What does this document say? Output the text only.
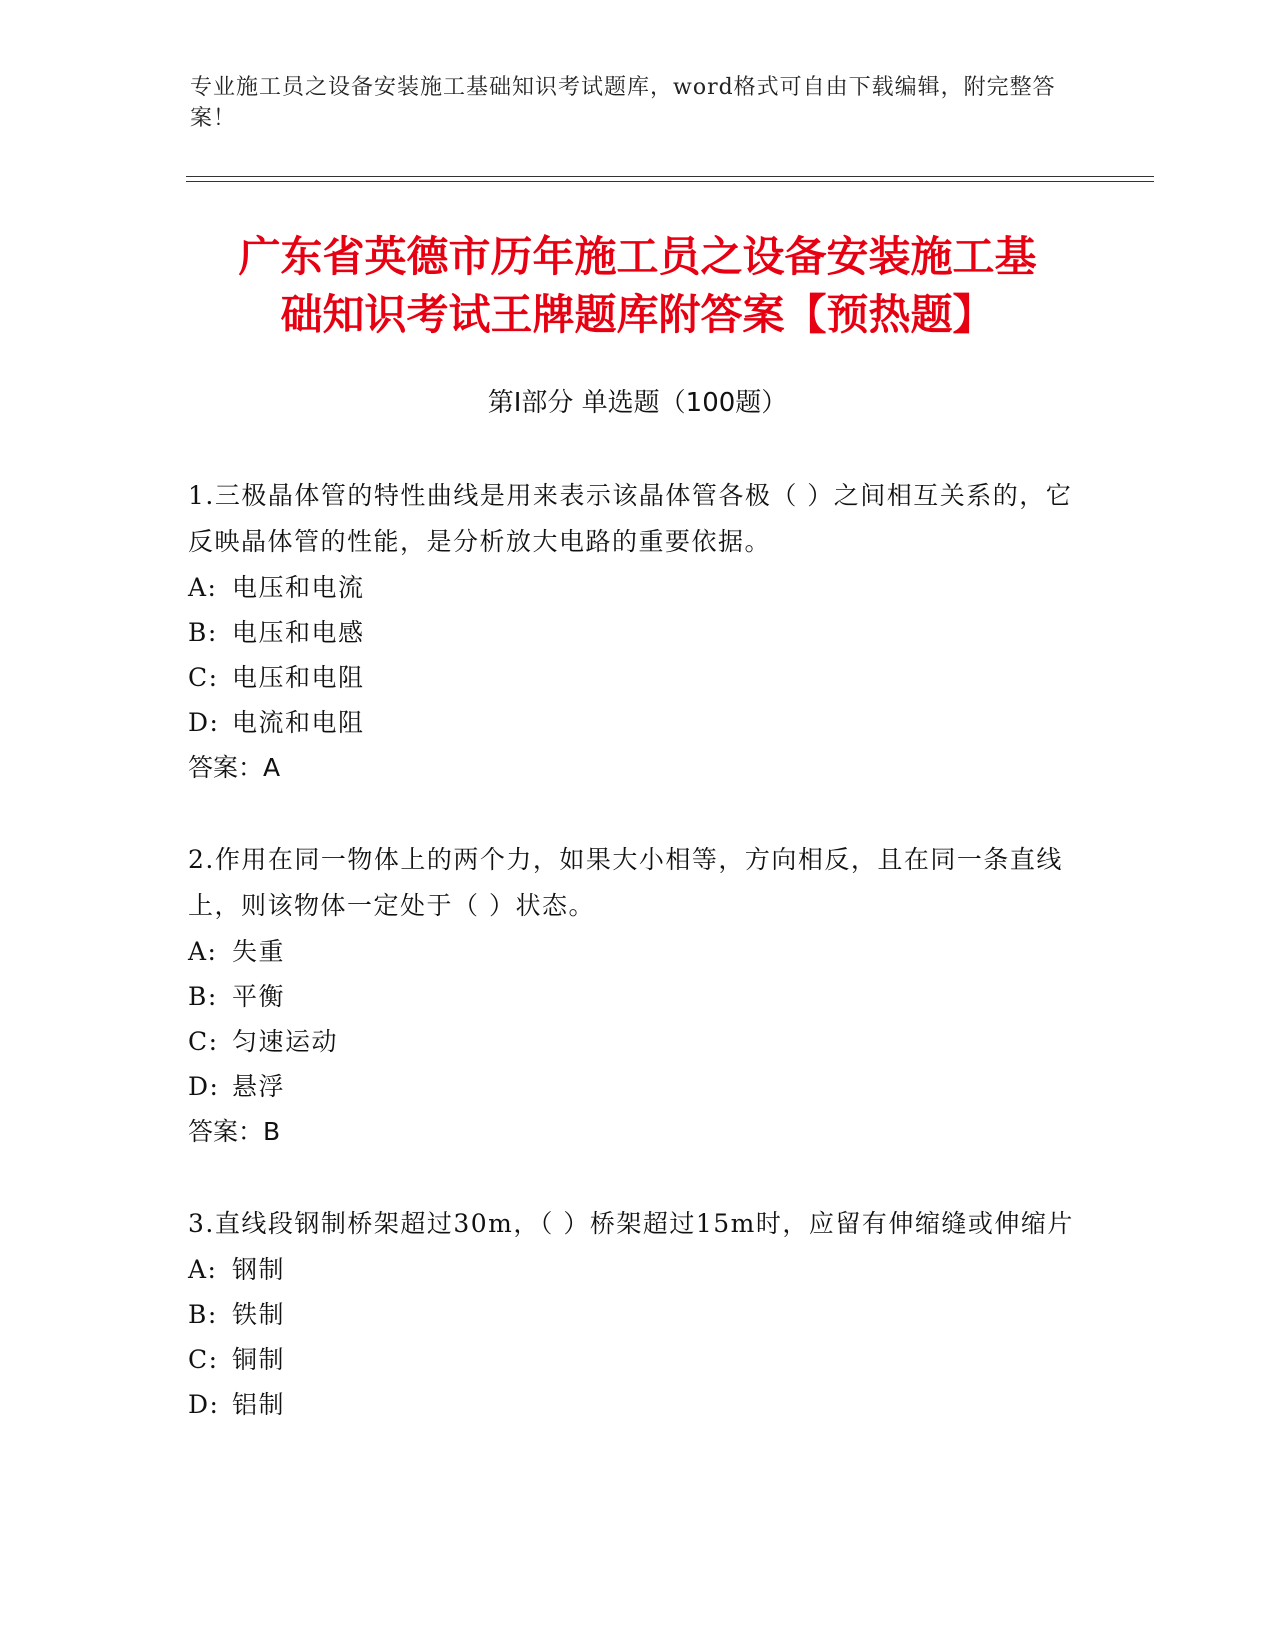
专业施工员之设备安装施工基础知识考试题库，word格式可自由下载编辑，附完整答案！
广东省英德市历年施工员之设备安装施工基
础知识考试王牌题库附答案【预热题】
第Ⅰ部分 单选题（100题）
1.三极晶体管的特性曲线是用来表示该晶体管各极（ ）之间相互关系的，它反映晶体管的性能，是分析放大电路的重要依据。
A: 电压和电流
B: 电压和电感
C: 电压和电阻
D: 电流和电阻
答案：A
2.作用在同一物体上的两个力，如果大小相等，方向相反，且在同一条直线上，则该物体一定处于（ ）状态。
A: 失重
B: 平衡
C: 匀速运动
D: 悬浮
答案：B
3.直线段钢制桥架超过30m，（ ）桥架超过15m时，应留有伸缩缝或伸缩片
A: 钢制
B: 铁制
C: 铜制
D: 铝制
